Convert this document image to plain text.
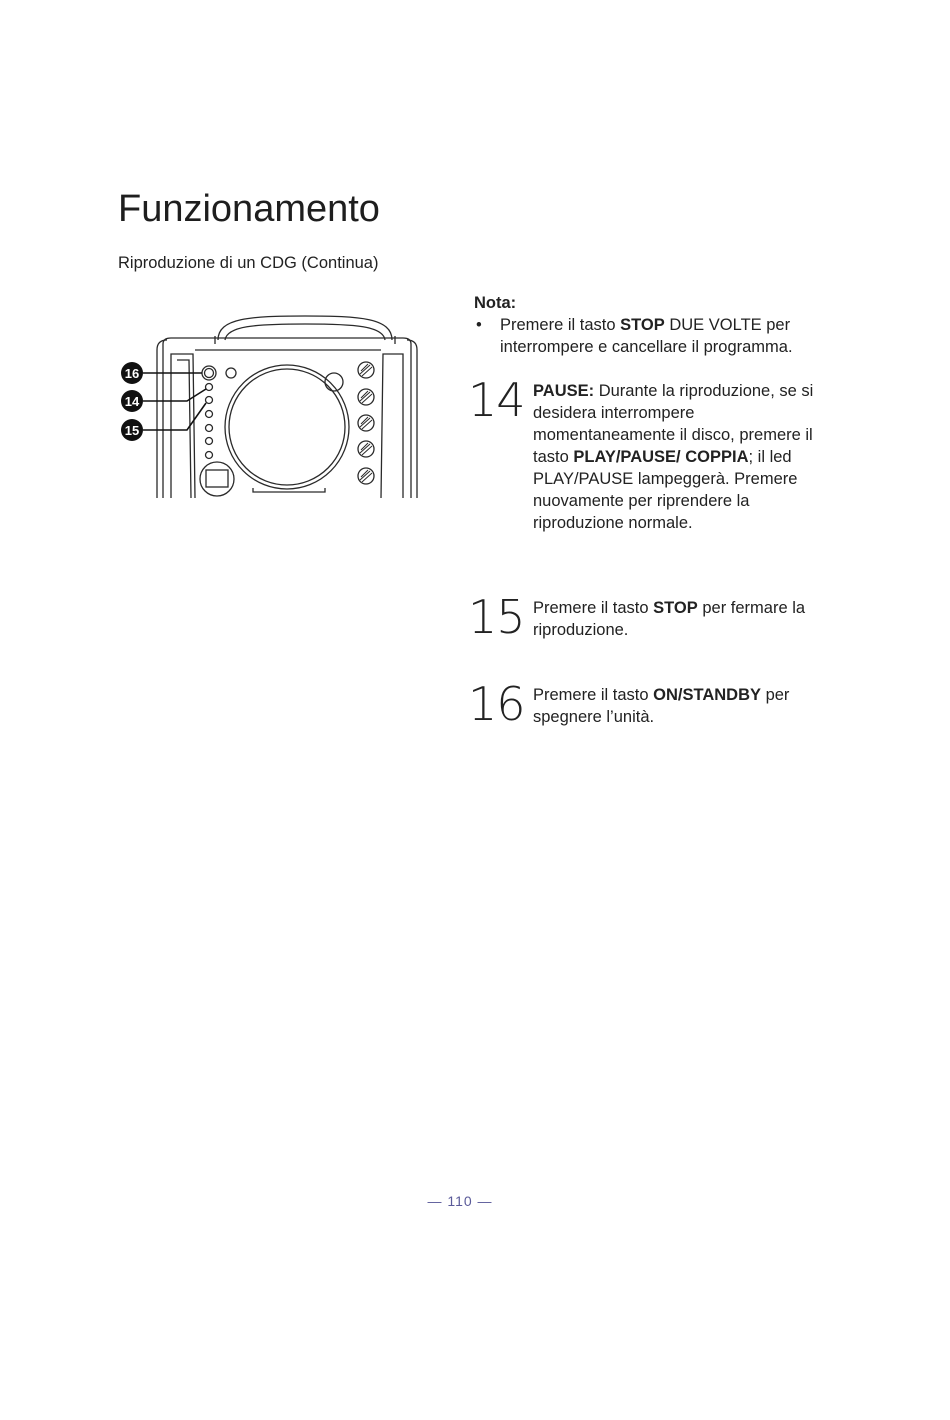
Funzionamento
Riproduzione di un CDG (Continua)
16
14
15
Nota:
• Premere il tasto STOP DUE VOLTE per interrompere e cancellare il programma.
14 PAUSE: Durante la riproduzione, se si desidera interrompere momentaneamente il disco, premere il tasto PLAY/PAUSE/ COPPIA; il led PLAY/PAUSE lampeggerà. Premere nuovamente per riprendere la riproduzione normale.
15 Premere il tasto STOP per fermare la riproduzione.
16 Premere il tasto ON/STANDBY per spegnere l’unità.
— 110 —
